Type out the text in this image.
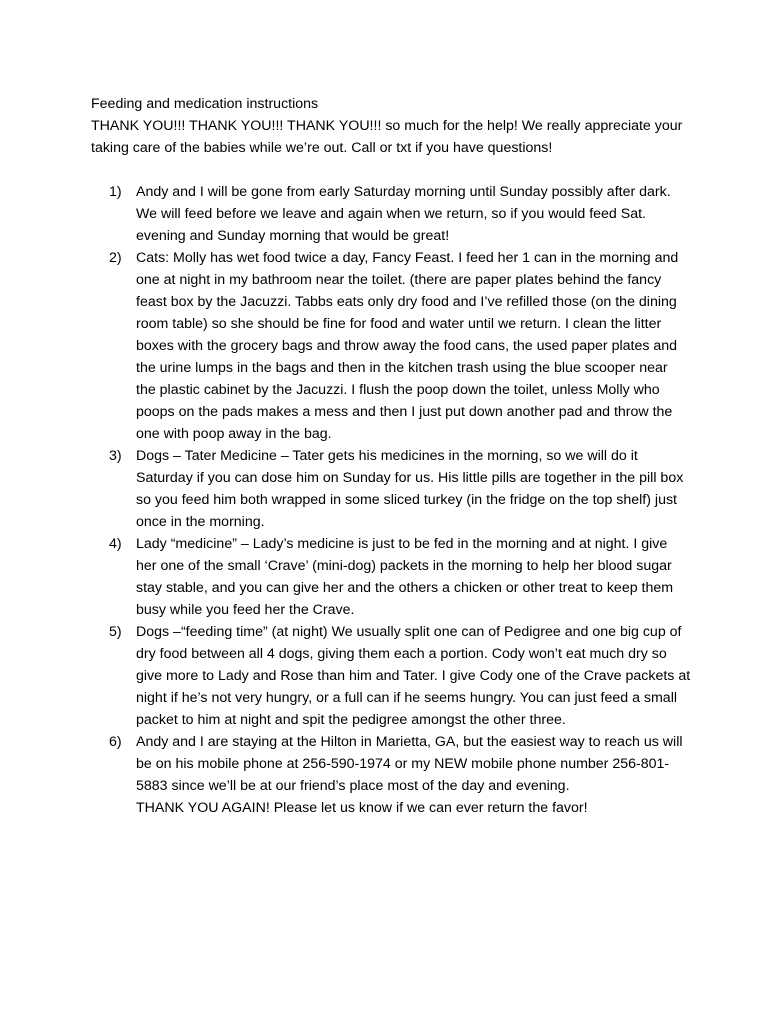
Feeding and medication instructions

THANK YOU!!! THANK YOU!!! THANK YOU!!! so much for the help! We really appreciate your taking care of the babies while we’re out. Call or txt if you have questions!

1) Andy and I will be gone from early Saturday morning until Sunday possibly after dark. We will feed before we leave and again when we return, so if you would feed Sat. evening and Sunday morning that would be great!
2) Cats: Molly has wet food twice a day, Fancy Feast. I feed her 1 can in the morning and one at night in my bathroom near the toilet. (there are paper plates behind the fancy feast box by the Jacuzzi. Tabbs eats only dry food and I’ve refilled those (on the dining room table) so she should be fine for food and water until we return. I clean the litter boxes with the grocery bags and throw away the food cans, the used paper plates and the urine lumps in the bags and then in the kitchen trash using the blue scooper near the plastic cabinet by the Jacuzzi. I flush the poop down the toilet, unless Molly who poops on the pads makes a mess and then I just put down another pad and throw the one with poop away in the bag.
3) Dogs – Tater Medicine – Tater gets his medicines in the morning, so we will do it Saturday if you can dose him on Sunday for us. His little pills are together in the pill box so you feed him both wrapped in some sliced turkey (in the fridge on the top shelf) just once in the morning.
4) Lady “medicine” – Lady’s medicine is just to be fed in the morning and at night. I give her one of the small ‘Crave’ (mini-dog) packets in the morning to help her blood sugar stay stable, and you can give her and the others a chicken or other treat to keep them busy while you feed her the Crave.
5) Dogs –“feeding time” (at night) We usually split one can of Pedigree and one big cup of dry food between all 4 dogs, giving them each a portion. Cody won’t eat much dry so give more to Lady and Rose than him and Tater. I give Cody one of the Crave packets at night if he’s not very hungry, or a full can if he seems hungry. You can just feed a small packet to him at night and spit the pedigree amongst the other three.
6) Andy and I are staying at the Hilton in Marietta, GA, but the easiest way to reach us will be on his mobile phone at 256-590-1974 or my NEW mobile phone number 256-801-5883 since we’ll be at our friend’s place most of the day and evening.
THANK YOU AGAIN! Please let us know if we can ever return the favor!
